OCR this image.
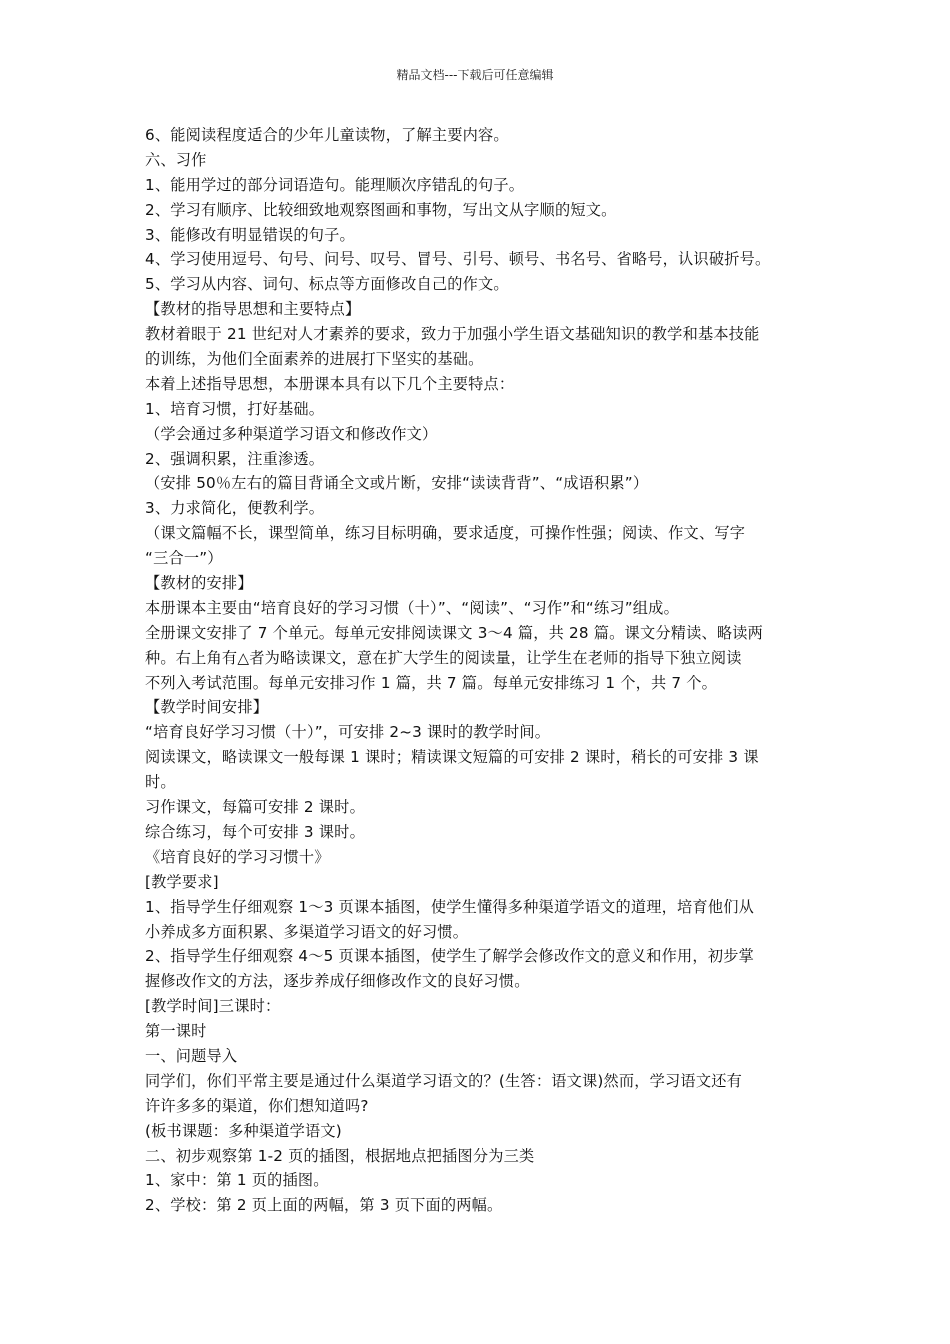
精品文档---下载后可任意编辑
6、能阅读程度适合的少年儿童读物，了解主要内容。
六、习作
1、能用学过的部分词语造句。能理顺次序错乱的句子。
2、学习有顺序、比较细致地观察图画和事物，写出文从字顺的短文。
3、能修改有明显错误的句子。
4、学习使用逗号、句号、问号、叹号、冒号、引号、顿号、书名号、省略号，认识破折号。
5、学习从内容、词句、标点等方面修改自己的作文。
【教材的指导思想和主要特点】
教材着眼于 21 世纪对人才素养的要求，致力于加强小学生语文基础知识的教学和基本技能
的训练，为他们全面素养的进展打下坚实的基础。
本着上述指导思想，本册课本具有以下几个主要特点：
1、培育习惯，打好基础。
（学会通过多种渠道学习语文和修改作文）
2、强调积累，注重渗透。
（安排 50％左右的篇目背诵全文或片断，安排“读读背背”、“成语积累”）
3、力求简化，便教利学。
（课文篇幅不长，课型简单，练习目标明确，要求适度，可操作性强；阅读、作文、写字
“三合一”）
【教材的安排】
本册课本主要由“培育良好的学习习惯（十）”、“阅读”、“习作”和“练习”组成。
全册课文安排了 7 个单元。每单元安排阅读课文 3～4 篇，共 28 篇。课文分精读、略读两
种。右上角有△者为略读课文，意在扩大学生的阅读量，让学生在老师的指导下独立阅读
不列入考试范围。每单元安排习作 1 篇，共 7 篇。每单元安排练习 1 个，共 7 个。
【教学时间安排】
“培育良好学习习惯（十）”，可安排 2~3 课时的教学时间。
阅读课文，略读课文一般每课 1 课时；精读课文短篇的可安排 2 课时，稍长的可安排 3 课
时。
习作课文，每篇可安排 2 课时。
综合练习，每个可安排 3 课时。
《培育良好的学习习惯十》
[教学要求]
1、指导学生仔细观察 1～3 页课本插图，使学生懂得多种渠道学语文的道理，培育他们从
小养成多方面积累、多渠道学习语文的好习惯。
2、指导学生仔细观察 4～5 页课本插图，使学生了解学会修改作文的意义和作用，初步掌
握修改作文的方法，逐步养成仔细修改作文的良好习惯。
[教学时间]三课时：
第一课时
一、问题导入
同学们，你们平常主要是通过什么渠道学习语文的？(生答：语文课)然而，学习语文还有
许许多多的渠道，你们想知道吗?
(板书课题：多种渠道学语文)
二、初步观察第 1-2 页的插图，根据地点把插图分为三类
1、家中：第 1 页的插图。
2、学校：第 2 页上面的两幅，第 3 页下面的两幅。
